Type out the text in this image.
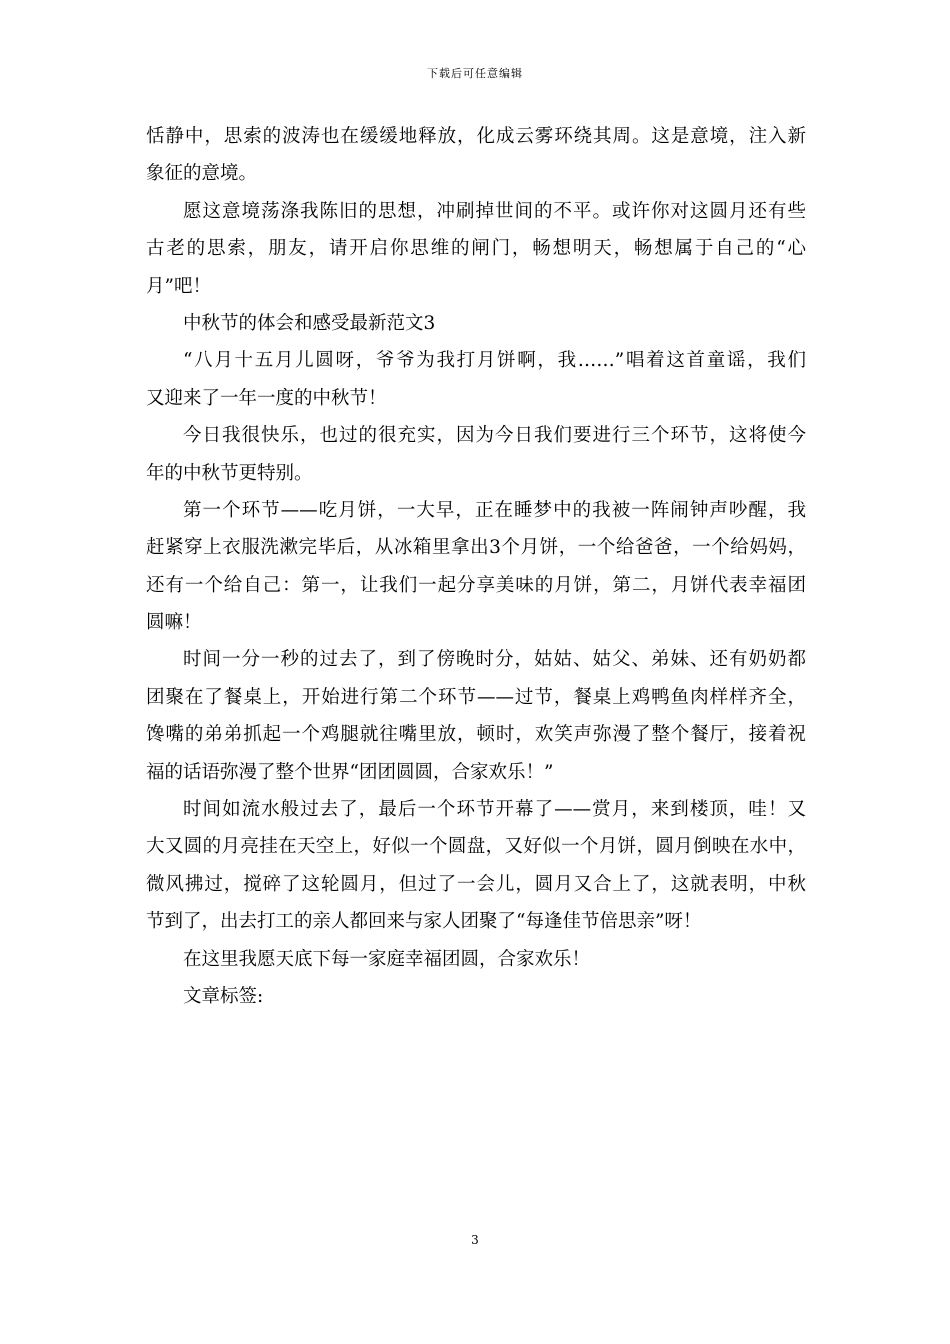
下载后可任意编辑
恬静中，思索的波涛也在缓缓地释放，化成云雾环绕其周。这是意境，注入新
象征的意境。
愿这意境荡涤我陈旧的思想，冲刷掉世间的不平。或许你对这圆月还有些
古老的思索，朋友，请开启你思维的闸门，畅想明天，畅想属于自己的“心
月”吧！
中秋节的体会和感受最新范文3
“八月十五月儿圆呀，爷爷为我打月饼啊，我……”唱着这首童谣，我们
又迎来了一年一度的中秋节！
今日我很快乐，也过的很充实，因为今日我们要进行三个环节，这将使今
年的中秋节更特别。
第一个环节——吃月饼，一大早，正在睡梦中的我被一阵闹钟声吵醒，我
赶紧穿上衣服洗漱完毕后，从冰箱里拿出3个月饼，一个给爸爸，一个给妈妈，
还有一个给自己：第一，让我们一起分享美味的月饼，第二，月饼代表幸福团
圆嘛！
时间一分一秒的过去了，到了傍晚时分，姑姑、姑父、弟妹、还有奶奶都
团聚在了餐桌上，开始进行第二个环节——过节，餐桌上鸡鸭鱼肉样样齐全，
馋嘴的弟弟抓起一个鸡腿就往嘴里放，顿时，欢笑声弥漫了整个餐厅，接着祝
福的话语弥漫了整个世界“团团圆圆，合家欢乐！”
时间如流水般过去了，最后一个环节开幕了——赏月，来到楼顶，哇！又
大又圆的月亮挂在天空上，好似一个圆盘，又好似一个月饼，圆月倒映在水中，
微风拂过，搅碎了这轮圆月，但过了一会儿，圆月又合上了，这就表明，中秋
节到了，出去打工的亲人都回来与家人团聚了“每逢佳节倍思亲”呀！
在这里我愿天底下每一家庭幸福团圆，合家欢乐！
文章标签:
3
